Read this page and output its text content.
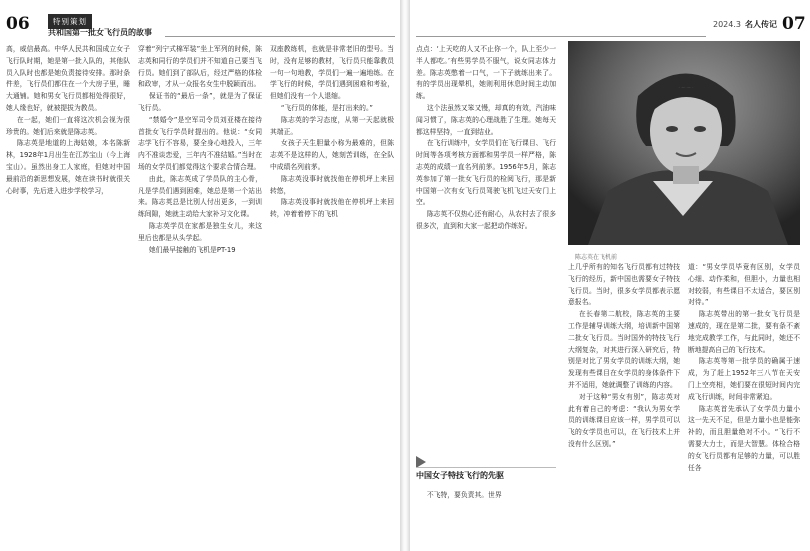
06	特别策划
共和国第一批女飞行员的故事

高，威信最高。中华人民共和国成立女子飞行队时期，她是第一批入队的，其他队员入队时也都是她负责接待安排。那时条件差，飞行员们都住在一个大房子里，睡大通铺。她和男女飞行员都相处得很好，她人缘也好，就被提拔为教员。

在一起，她们一直将这次机会视为很珍贵的。她们后来就是陈志英。

陈志英是地道的上海姑娘，本名陈新林，1928年1月出生在江苏宝山（今上海宝山）。虽然出身工人家庭，但她对中国最前沿的新思想发展，她在读书时就很关心时事，先后进入进步学校学习，

穿着“列宁式棉军装”坐上军列的时候，陈志英和同行的学员们并不知道自己要当飞行员。她们到了部队后，经过严格的体检和政审，才从一众报名女生中脱颖而出。

保证书的“最后一条”，就是为了保证飞行员。

“禁婚令”是空军司令员刘亚楼在接待首批女飞行学员时提出的。他说：“女同志学飞行不容易，要全身心地投入，三年内不准谈恋爱，三年内不准结婚。”当时在场的女学员们都觉得这个要求合情合理。

由此，陈志英成了学员队的主心骨，凡是学员们遇到困难，她总是第一个站出来。陈志英总是比别人付出更多，一到训练间隙，她就主动给大家补习文化课。

陈志英学员在家都是独生女儿，来这里后也都是从头学起。

她们最早接触的飞机是PT-19

双座教练机，也就是非常老旧的型号。当时，没有足够的教材，飞行员只能靠教员一句一句地教，学员们一遍一遍地练。在学飞行的时候，学员们遇到困难和考验，但她们没有一个人退缩。

“飞行员的体能，是打出来的。”

陈志英的学习态度，从第一天起就极其端正。

女孩子天生胆量小称为最难的，但陈志英不是这样的人，她刻苦训练，在全队中成绩名列前茅。

陈志英没事时就找他在停机坪上来回转悠，

陈志英没事时就找他在停机坪上来回转，冲着着停下的飞机

2024.3 名人传记 07
陈志英在飞机前

点点：‘上天吃的人又不止你一个，队上至少一半人都吃。’有些男学员不服气，说女同志体力差。陈志英憋着一口气，一下子就练出来了。有的学员出现晕机，她则利用休息时间主动加练。

这个法虽然又笨又慢，却真的有效，汽油味闻习惯了，陈志英的心理战胜了生理。她每天都这样坚持，一直到结业。

在飞行训练中，女学员们在飞行课目、飞行时间等各项考核方面都和男学员一样严格，陈志英的成绩一直名列前茅。1956年5月，陈志英参加了第一批女飞行员的检阅飞行，那是新中国第一次有女飞行员驾驶飞机飞过天安门上空。

陈志英不仅热心还有耐心，从农村去了很多很多次，直到和大家一起把动作练好。

中国女子特技飞行的先驱

不飞特，要负责其。世界

上几乎所有的知名飞行员都有过特技飞行的经历，新中国也需要女子特技飞行员。当时，很多女学员都表示愿意报名。

在长春第二航校，陈志英的主要工作是辅导训练大纲，培训新中国第二批女飞行员。当时国外的特技飞行大纲复杂，对其进行深入研究后，特别是对比了男女学员的训练大纲，她发现有些课目在女学员的身体条件下并不适用，她就调整了训练的内容。

对于这种“男女有别”，陈志英对此有着自己的考虑：“我认为男女学员的训练课目应该一样，男学员可以飞的女学员也可以，在飞行技术上并没有什么区别。”

道：“男女学员毕竟有区别，女学员心细、动作柔和，但胆小，力量也相对较弱，有些课目不太适合，要区别对待。”

陈志英带出的第一批女飞行员是速成的，现在是第二批，要有条不紊地完成教学工作，与此同时，她还不断地提高自己的飞行技术。

陈志英等第一批学员的确属于速成，为了赶上1952年三八节在天安门上空亮相，她们要在很短时间内完成飞行训练，时间非常紧迫。

陈志英首先承认了女学员力量小这一先天不足，但是力量小也是能弥补的，而且胆量绝对不小。“飞行不需要大力士，而是大智慧。体检合格的女飞行员都有足够的力量，可以胜任各
